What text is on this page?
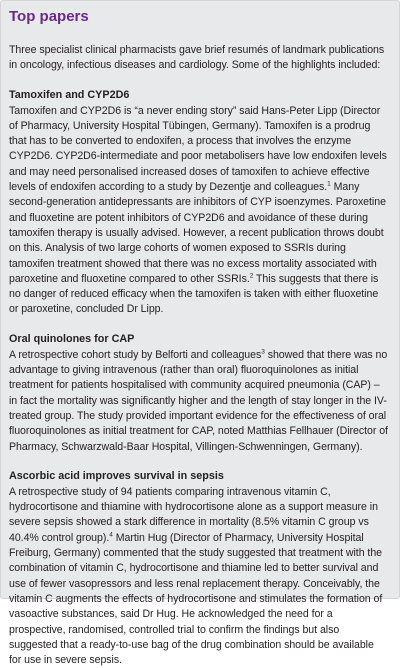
Top papers

Three specialist clinical pharmacists gave brief resumés of landmark publications in oncology, infectious diseases and cardiology. Some of the highlights included:

Tamoxifen and CYP2D6

Tamoxifen and CYP2D6 is “a never ending story” said Hans-Peter Lipp (Director of Pharmacy, University Hospital Tübingen, Germany). Tamoxifen is a prodrug that has to be converted to endoxifen, a process that involves the enzyme CYP2D6. CYP2D6-intermediate and poor metabolisers have low endoxifen levels and may need personalised increased doses of tamoxifen to achieve effective levels of endoxifen according to a study by Dezentje and colleagues.$^1$ Many second-generation antidepressants are inhibitors of CYP isoenzymes. Paroxetine and fluoxetine are potent inhibitors of CYP2D6 and avoidance of these during tamoxifen therapy is usually advised. However, a recent publication throws doubt on this. Analysis of two large cohorts of women exposed to SSRIs during tamoxifen treatment showed that there was no excess mortality associated with paroxetine and fluoxetine compared to other SSRIs.$^2$ This suggests that there is no danger of reduced efficacy when the tamoxifen is taken with either fluoxetine or paroxetine, concluded Dr Lipp.

Oral quinolones for CAP

A retrospective cohort study by Belforti and colleagues$^3$ showed that there was no advantage to giving intravenous (rather than oral) fluoroquinolones as initial treatment for patients hospitalised with community acquired pneumonia (CAP) – in fact the mortality was significantly higher and the length of stay longer in the IV-treated group. The study provided important evidence for the effectiveness of oral fluoroquinolones as initial treatment for CAP, noted Matthias Fellhauer (Director of Pharmacy, Schwarzwald-Baar Hospital, Villingen-Schwenningen, Germany).

Ascorbic acid improves survival in sepsis

A retrospective study of 94 patients comparing intravenous vitamin C, hydrocortisone and thiamine with hydrocortisone alone as a support measure in severe sepsis showed a stark difference in mortality (8.5% vitamin C group vs 40.4% control group).$^4$ Martin Hug (Director of Pharmacy, University Hospital Freiburg, Germany) commented that the study suggested that treatment with the combination of vitamin C, hydrocortisone and thiamine led to better survival and use of fewer vasopressors and less renal replacement therapy. Conceivably, the vitamin C augments the effects of hydrocortisone and stimulates the formation of vasoactive substances, said Dr Hug. He acknowledged the need for a prospective, randomised, controlled trial to confirm the findings but also suggested that a ready-to-use bag of the drug combination should be available for use in severe sepsis.
